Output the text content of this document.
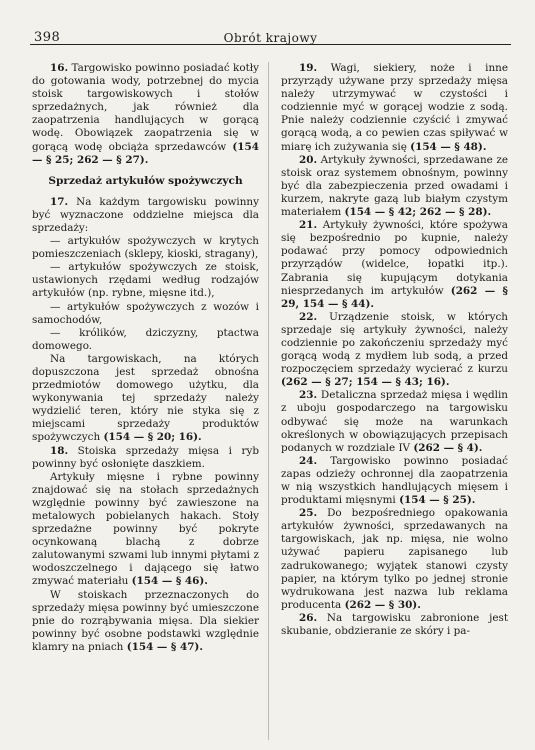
398	Obrót krajowy

16. Targowisko powinno posiadać kotły do gotowania wody, potrzebnej do mycia stoisk targowiskowych i stołów sprzedażnych, jak również dla zaopatrzenia handlujących w gorącą wodę. Obowiązek zaopatrzenia się w gorącą wodę obciąża sprzedawców (154 — § 25; 262 — § 27).

Sprzedaż artykułów spożywczych

17. Na każdym targowisku powinny być wyznaczone oddzielne miejsca dla sprzedaży:

— artykułów spożywczych w krytych pomieszczeniach (sklepy, kioski, stragany),

— artykułów spożywczych ze stoisk, ustawionych rzędami według rodzajów artykułów (np. rybne, mięsne itd.),

— artykułów spożywczych z wozów i samochodów,

— królików, dziczyzny, ptactwa domowego.

Na targowiskach, na których dopuszczona jest sprzedaż obnośna przedmiotów domowego użytku, dla wykonywania tej sprzedaży należy wydzielić teren, który nie styka się z miejscami sprzedaży produktów spożywczych (154 — § 20; 16).

18. Stoiska sprzedaży mięsa i ryb powinny być osłonięte daszkiem.

Artykuły mięsne i rybne powinny znajdować się na stołach sprzedażnych względnie powinny być zawieszone na metalowych pobielanych hakach. Stoły sprzedażne powinny być pokryte ocynkowaną blachą z dobrze zalutowanymi szwami lub innymi płytami z wodoszczelnego i dającego się łatwo zmywać materiału (154 — § 46).

W stoiskach przeznaczonych do sprzedaży mięsa powinny być umieszczone pnie do rozrąbywania mięsa. Dla siekier powinny być osobne podstawki względnie klamry na pniach (154 — § 47).

19. Wagi, siekiery, noże i inne przyrządy używane przy sprzedaży mięsa należy utrzymywać w czystości i codziennie myć w gorącej wodzie z sodą. Pnie należy codziennie czyścić i zmywać gorącą wodą, a co pewien czas spiływać w miarę ich zużywania się (154 — § 48).

20. Artykuły żywności, sprzedawane ze stoisk oraz systemem obnośnym, powinny być dla zabezpieczenia przed owadami i kurzem, nakryte gazą lub białym czystym materiałem (154 — § 42; 262 — § 28).

21. Artykuły żywności, które spożywa się bezpośrednio po kupnie, należy podawać przy pomocy odpowiednich przyrządów (widelce, łopatki itp.). Zabrania się kupującym dotykania niesprzedanych im artykułów (262 — § 29, 154 — § 44).

22. Urządzenie stoisk, w których sprzedaje się artykuły żywności, należy codziennie po zakończeniu sprzedaży myć gorącą wodą z mydłem lub sodą, a przed rozpoczęciem sprzedaży wycierać z kurzu (262 — § 27; 154 — § 43; 16).

23. Detaliczna sprzedaż mięsa i wędlin z uboju gospodarczego na targowisku odbywać się może na warunkach określonych w obowiązujących przepisach podanych w rozdziale IV (262 — § 4).

24. Targowisko powinno posiadać zapas odzieży ochronnej dla zaopatrzenia w nią wszystkich handlujących mięsem i produktami mięsnymi (154 — § 25).

25. Do bezpośredniego opakowania artykułów żywności, sprzedawanych na targowiskach, jak np. mięsa, nie wolno używać papieru zapisanego lub zadrukowanego; wyjątek stanowi czysty papier, na którym tylko po jednej stronie wydrukowana jest nazwa lub reklama producenta (262 — § 30).

26. Na targowisku zabronione jest skubanie, obdzieranie ze skóry i pa-
